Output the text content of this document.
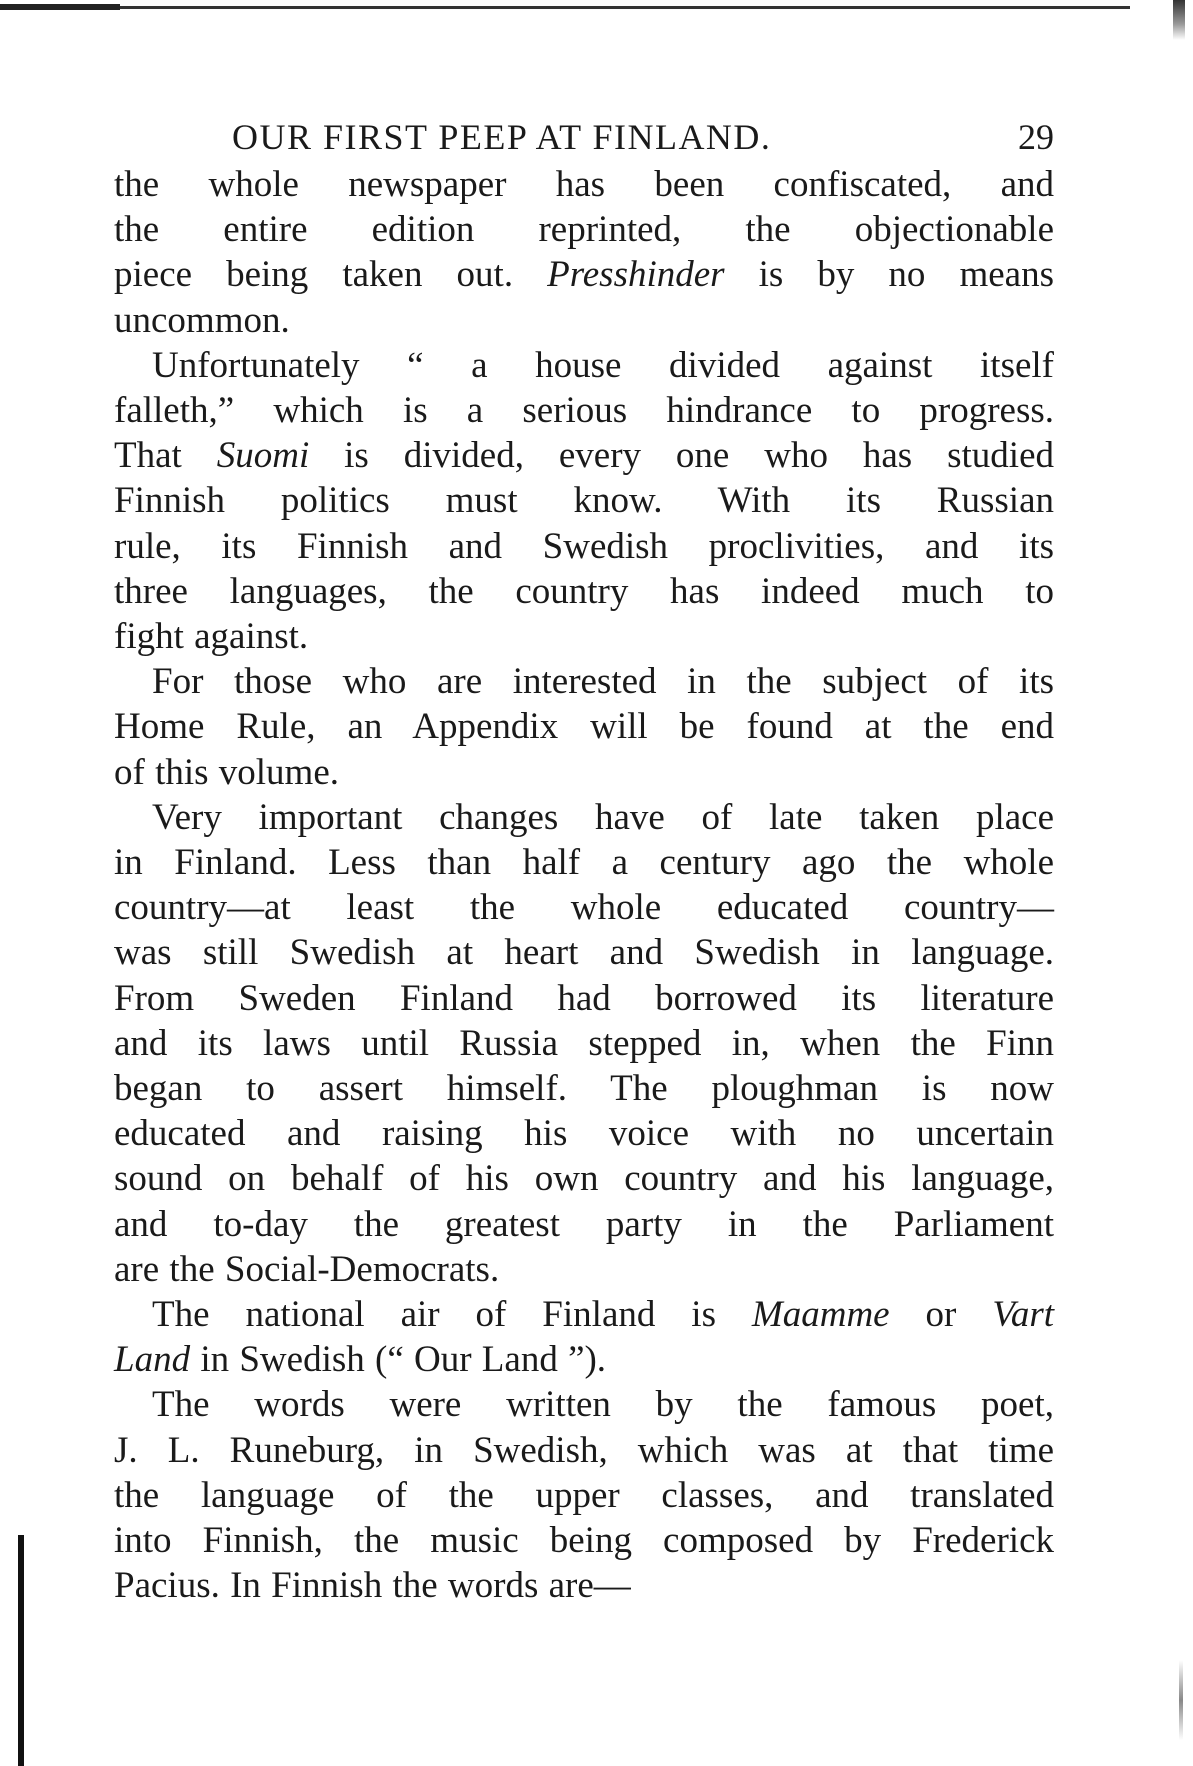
OUR FIRST PEEP AT FINLAND.	29
the whole newspaper has been confiscated, and
the entire edition reprinted, the objectionable
piece being taken out. Presshinder is by no means
uncommon.
Unfortunately “ a house divided against itself
falleth,” which is a serious hindrance to progress.
That Suomi is divided, every one who has studied
Finnish politics must know. With its Russian
rule, its Finnish and Swedish proclivities, and its
three languages, the country has indeed much to
fight against.
For those who are interested in the subject of its
Home Rule, an Appendix will be found at the end
of this volume.
Very important changes have of late taken place
in Finland. Less than half a century ago the whole
country—at least the whole educated country—
was still Swedish at heart and Swedish in language.
From Sweden Finland had borrowed its literature
and its laws until Russia stepped in, when the Finn
began to assert himself. The ploughman is now
educated and raising his voice with no uncertain
sound on behalf of his own country and his language,
and to-day the greatest party in the Parliament
are the Social-Democrats.
The national air of Finland is Maamme or Vart
Land in Swedish (“ Our Land ”).
The words were written by the famous poet,
J. L. Runeburg, in Swedish, which was at that time
the language of the upper classes, and translated
into Finnish, the music being composed by Frederick
Pacius. In Finnish the words are—
